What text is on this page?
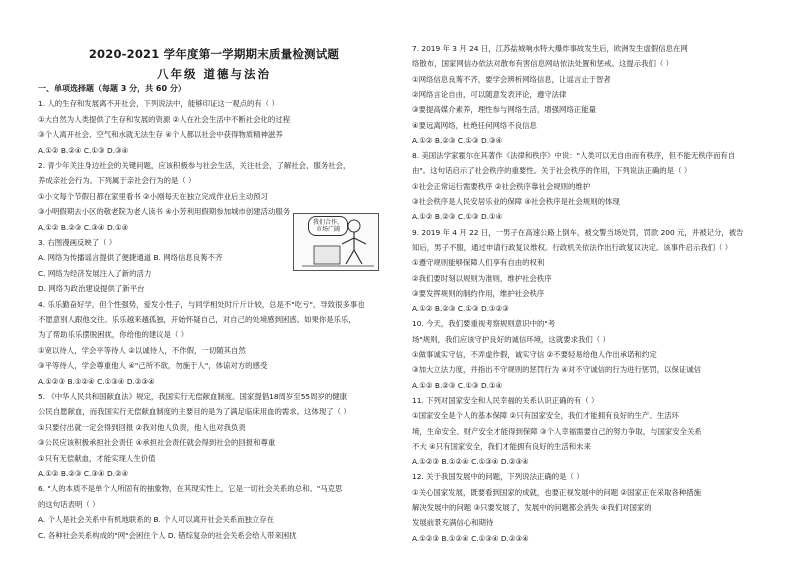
2020-2021 学年度第一学期期末质量检测试题
八年级 道德与法治
一、单项选择题（每题 3 分，共 60 分）
1. 人的生存和发展离不开社会，下列说法中，能够印证这一观点的有（ ）
①大自然为人类提供了生存和发展的资源 ②人在社会生活中不断社会化的过程
③个人离开社会、空气和水就无法生存 ④个人都以社会中获得物质精神滋养
A.①② B.②④ C.①③ D.③④
2. 青少年关注身边社会的关键问题，应该积极参与社会生活，关注社会，了解社会，服务社会，
养成亲社会行为。下列属于亲社会行为的是（ ）
①小文每个节假日都在家里看书 ②小刚每天在独立完成作业后主动预习
③小明假期去小区的敬老院为老人读书 ④小芳利用假期参加城市创建活动服务
A.①② B.②③ C.③④ D.①④
3. 右图漫画反映了（ ）
A. 网络为传播谣言提供了便捷通道 B. 网络信息良莠不齐
C. 网络为经济发展注入了新的活力
D. 网络为政治建设提供了新平台
4. 乐乐勤奋好学，但个性强势，爱发小性子，与同学相处时斤斤计较，总是不"吃亏"，导致很多事也
不愿意别人跟他交往。乐乐越来越孤独，开始怀疑自己，对自己的处境感到困惑。如果你是乐乐，
为了帮助乐乐摆脱困扰，你给他的建议是（ ）
①宽以待人，学会平等待人 ②以诚待人，不作假，一切随其自然
③平等待人，学会尊重他人 ④"己所不欲，勿施于人"，体谅对方的感受
A.①②③ B.①②④ C.①③④ D.②③④
5. 《中华人民共和国献血法》规定，我国实行无偿献血制度。国家提倡18周岁至55周岁的健康
公民自愿献血，而我国实行无偿献血制度的主要目的是为了满足临床用血的需求。这体现了（ ）
①只要付出就一定会得到回报 ②我对他人负责，他人也对我负责
③公民应该积极承担社会责任 ④承担社会责任就会得到社会的回报和尊重
①只有无偿献血，才能实现人生价值
A.①② B.②③ C.③④ D.②④
6. "人的本质不是单个人所固有的抽象物，在其现实性上，它是一切社会关系的总和。"马克思
的这句话表明（ ）
A. 个人是社会关系中有机地联系的 B. 个人可以离开社会关系而独立存在
C. 各种社会关系构成的"网"会困住个人 D. 错综复杂的社会关系会给人带来困扰
7. 2019 年 3 月 24 日，江苏盐城响水特大爆炸事故发生后，欧洲发生虚假信息在网
络散布，国家网信办依法对散布有害信息网站依法处置和惩戒。这提示我们（ ）
①网络信息良莠不齐，要学会辨析网络信息，让谣言止于智者
②网络言论自由，可以随意发表评论，遵守法律
③要提高媒介素养，理性参与网络生活，增强网络正能量
④要远离网络，杜绝任何网络不良信息
A.①② B.②③ C.①③ D.③④
8. 美国法学家霍尔在其著作《法律和秩序》中说："人类可以无自由而有秩序，但不能无秩序而有自
由"。这句话启示了社会秩序的重要性。关于社会秩序的作用，下列说法正确的是（ ）
①社会正常运行需要秩序 ②社会秩序靠社会规则的维护
③社会秩序是人民安居乐业的保障 ④社会秩序是社会规则的体现
A.①② B.②③ C.①③ D.①④
9. 2019 年 4 月 22 日，一男子在高速公路上倒车，被交警当场处罚，罚款 200 元，并被记分，被告
知后，男子不服，通过申请行政复议维权。行政机关依法作出行政复议决定。该事件启示我们（ ）
①遵守规则能够保障人们享有自由的权利
②我们要时刻以规则为准则，维护社会秩序
③要发挥规则的制约作用，维护社会秩序
A.①② B.②③ C.①③ D.①②③
10. 今天，我们要重视考察规则意识中的"考
场"规则，我们应该守护良好的诚信环境，这就要求我们（ ）
①做事诚实守信，不弄虚作假，诚实守信 ②不要轻易给他人作出承诺和约定
③加大立法力度，并指出不守规则的惩罚行为 ④对不守诚信的行为进行惩罚，以保证诚信
A.①② B.②③ C.①③ D.①④
11. 下列对国家安全和人民幸福的关系认识正确的有（ ）
①国家安全是个人的基本保障 ②只有国家安全，我们才能拥有良好的生产、生活环
境，生命安全、财产安全才能得到保障 ③个人幸福需要自己的努力争取，与国家安全关系
不大 ④只有国家安全，我们才能拥有良好的生活和未来
A.①②③ B.①②④ C.①③④ D.②③④
12. 关于我国发展中的问题，下列说法正确的是（ ）
①关心国家发展，既要看到国家的成就，也要正视发展中的问题 ②国家正在采取各种措施
解决发展中的问题 ③只要发展了，发展中的问题都会消失 ④我们对国家的
发展前景充满信心和期待
A.①②③ B.①②④ C.①③④ D.②③④
我们合作，
市场广阔
